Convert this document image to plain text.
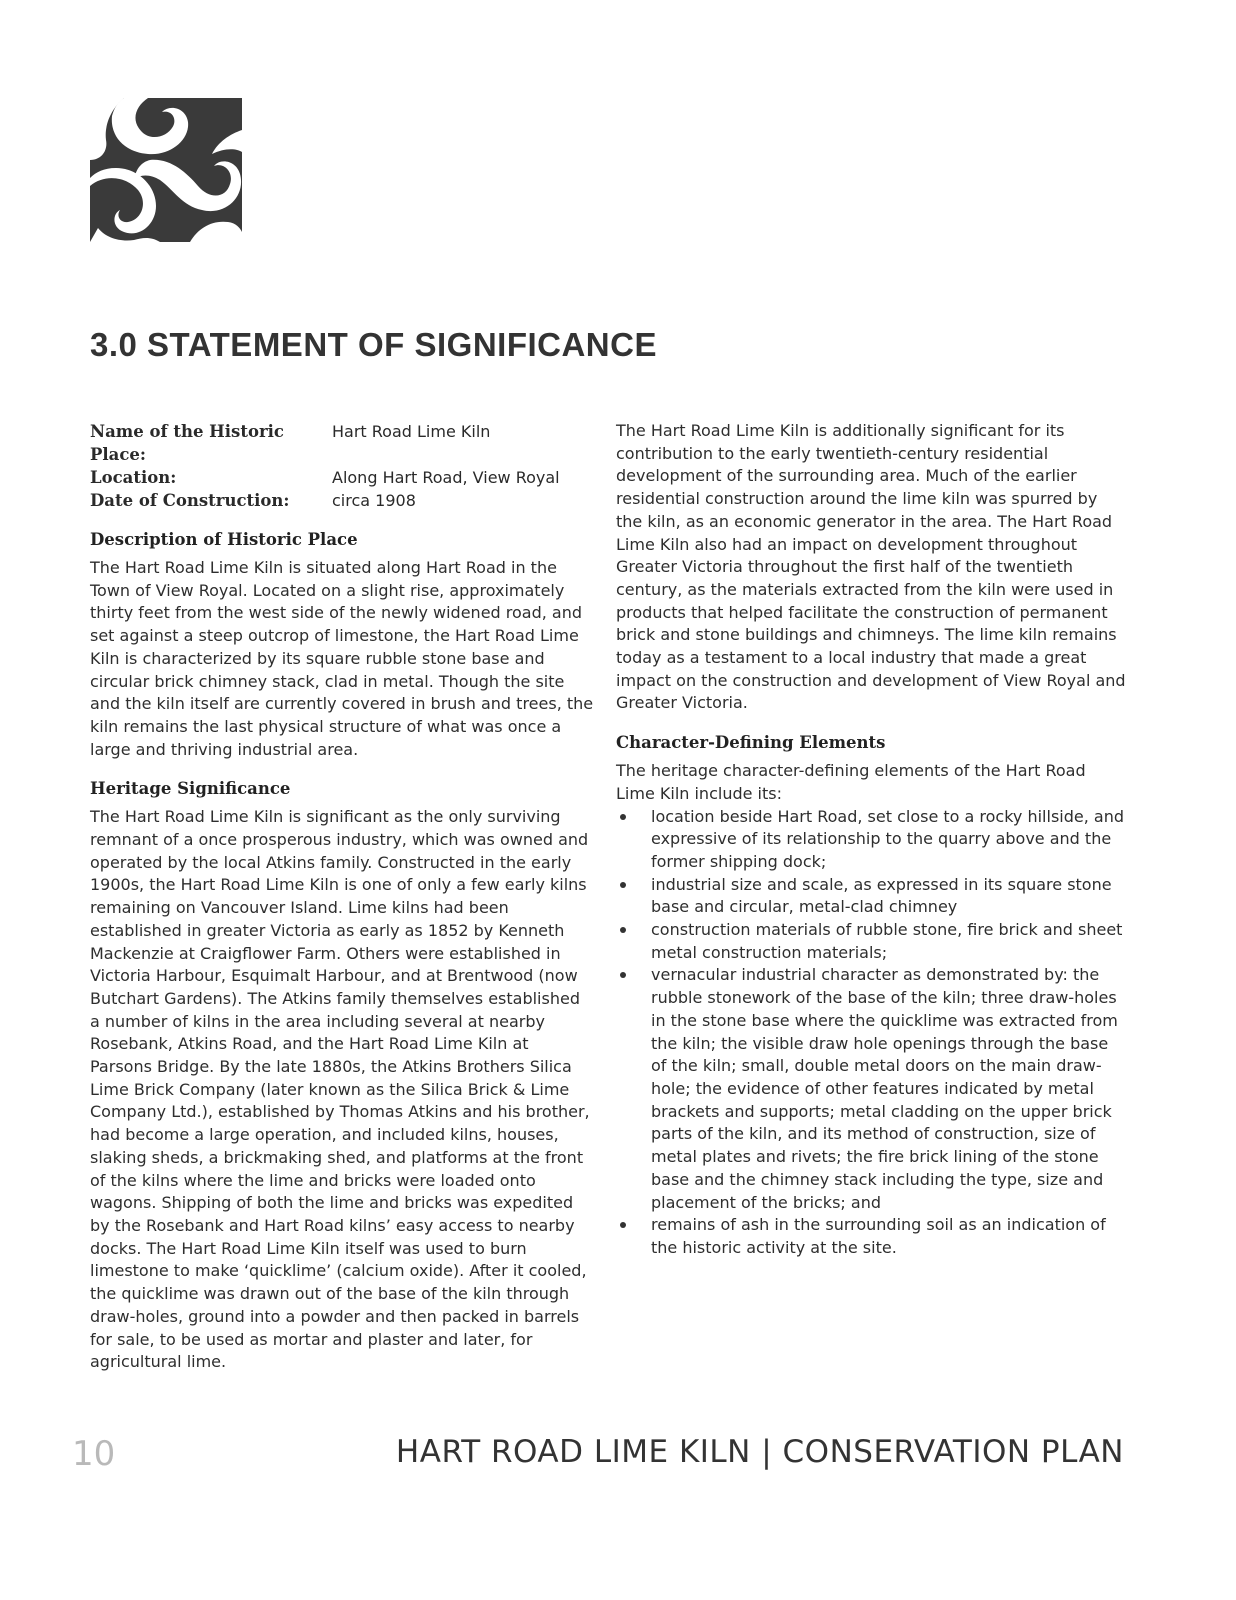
3.0 STATEMENT OF SIGNIFICANCE
Name of the Historic Place:	Hart Road Lime Kiln
Location:	Along Hart Road, View Royal
Date of Construction:	circa 1908
Description of Historic Place

The Hart Road Lime Kiln is situated along Hart Road in the Town of View Royal. Located on a slight rise, approximately thirty feet from the west side of the newly widened road, and set against a steep outcrop of limestone, the Hart Road Lime Kiln is characterized by its square rubble stone base and circular brick chimney stack, clad in metal. Though the site and the kiln itself are currently covered in brush and trees, the kiln remains the last physical structure of what was once a large and thriving industrial area.

Heritage Significance

The Hart Road Lime Kiln is significant as the only surviving remnant of a once prosperous industry, which was owned and operated by the local Atkins family. Constructed in the early 1900s, the Hart Road Lime Kiln is one of only a few early kilns remaining on Vancouver Island. Lime kilns had been established in greater Victoria as early as 1852 by Kenneth Mackenzie at Craigflower Farm. Others were established in Victoria Harbour, Esquimalt Harbour, and at Brentwood (now Butchart Gardens). The Atkins family themselves established a number of kilns in the area including several at nearby Rosebank, Atkins Road, and the Hart Road Lime Kiln at Parsons Bridge. By the late 1880s, the Atkins Brothers Silica Lime Brick Company (later known as the Silica Brick & Lime Company Ltd.), established by Thomas Atkins and his brother, had become a large operation, and included kilns, houses, slaking sheds, a brickmaking shed, and platforms at the front of the kilns where the lime and bricks were loaded onto wagons. Shipping of both the lime and bricks was expedited by the Rosebank and Hart Road kilns’ easy access to nearby docks. The Hart Road Lime Kiln itself was used to burn limestone to make ‘quicklime’ (calcium oxide). After it cooled, the quicklime was drawn out of the base of the kiln through draw-holes, ground into a powder and then packed in barrels for sale, to be used as mortar and plaster and later, for agricultural lime.

The Hart Road Lime Kiln is additionally significant for its contribution to the early twentieth-century residential development of the surrounding area. Much of the earlier residential construction around the lime kiln was spurred by the kiln, as an economic generator in the area. The Hart Road Lime Kiln also had an impact on development throughout Greater Victoria throughout the first half of the twentieth century, as the materials extracted from the kiln were used in products that helped facilitate the construction of permanent brick and stone buildings and chimneys. The lime kiln remains today as a testament to a local industry that made a great impact on the construction and development of View Royal and Greater Victoria.

Character-Defining Elements

The heritage character-defining elements of the Hart Road Lime Kiln include its:

location beside Hart Road, set close to a rocky hillside, and expressive of its relationship to the quarry above and the former shipping dock;
industrial size and scale, as expressed in its square stone base and circular, metal-clad chimney
construction materials of rubble stone, fire brick and sheet metal construction materials;
vernacular industrial character as demonstrated by: the rubble stonework of the base of the kiln; three draw-holes in the stone base where the quicklime was extracted from the kiln; the visible draw hole openings through the base of the kiln; small, double metal doors on the main draw-hole; the evidence of other features indicated by metal brackets and supports; metal cladding on the upper brick parts of the kiln, and its method of construction, size of metal plates and rivets; the fire brick lining of the stone base and the chimney stack including the type, size and placement of the bricks; and
remains of ash in the surrounding soil as an indication of the historic activity at the site.
10	HART ROAD LIME KILN | CONSERVATION PLAN
